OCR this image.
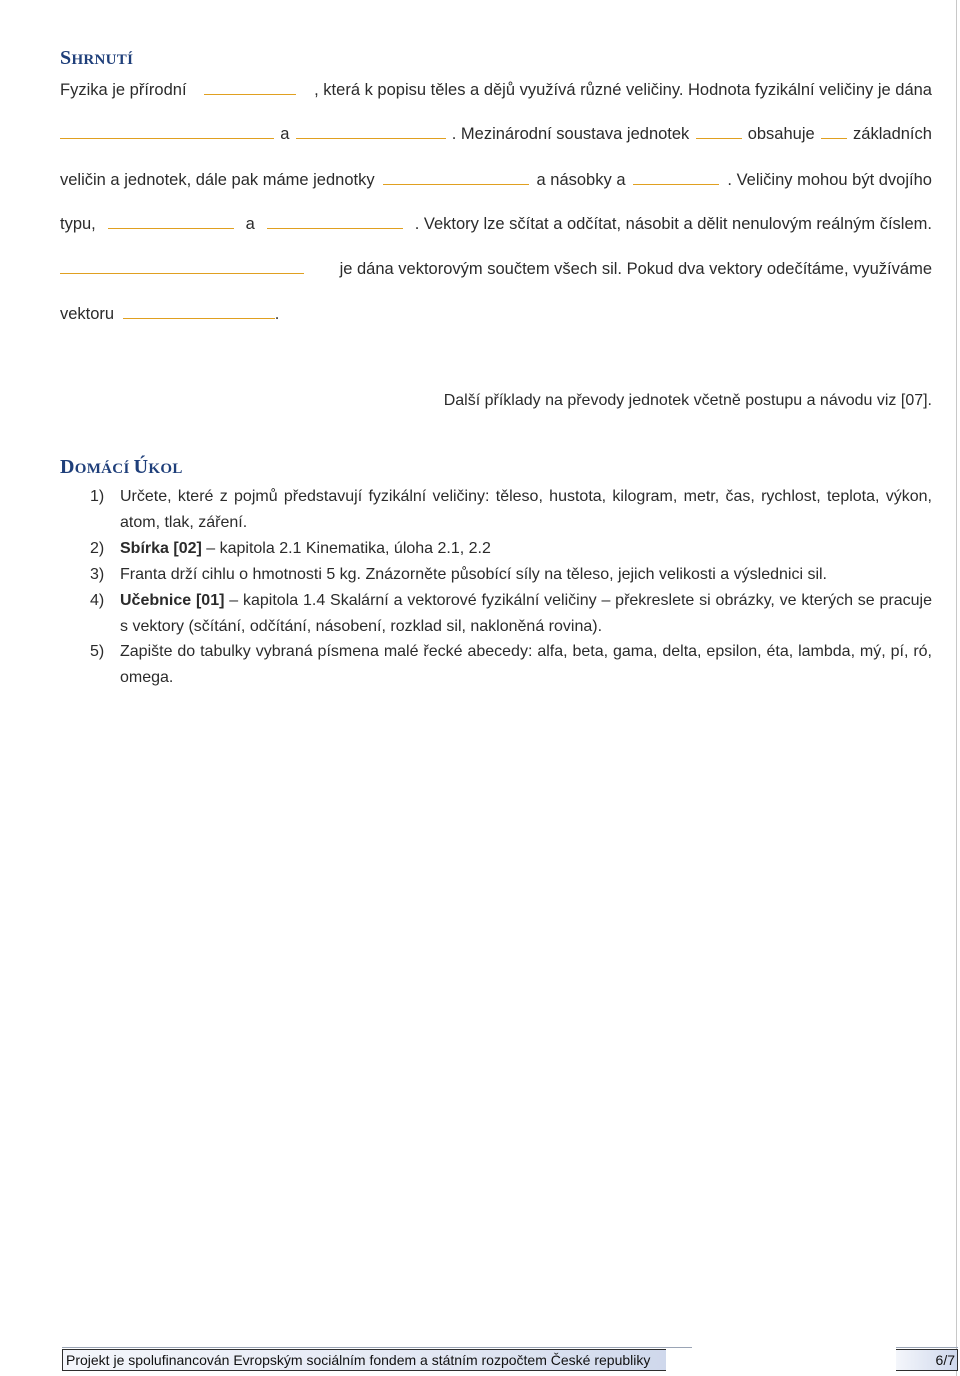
SHRNUTÍ
Fyzika je přírodní	, která k popisu těles a dějů využívá různé veličiny. Hodnota fyzikální veličiny je dána
a	. Mezinárodní soustava jednotek	obsahuje základních
veličin a jednotek, dále pak máme jednotky	a násobky a	. Veličiny mohou být dvojího
typu,	a	. Vektory lze sčítat a odčítat, násobit a dělit nenulovým reálným číslem.
je dána vektorovým součtem všech sil. Pokud dva vektory odečítáme, využíváme
vektoru	.
Další příklady na převody jednotek včetně postupu a návodu viz [07].
DOMÁCÍ ÚKOL
1) Určete, které z pojmů představují fyzikální veličiny: těleso, hustota, kilogram, metr, čas, rychlost, teplota, výkon, atom, tlak, záření.
2) Sbírka [02] – kapitola 2.1 Kinematika, úloha 2.1, 2.2
3) Franta drží cihlu o hmotnosti 5 kg. Znázorněte působící síly na těleso, jejich velikosti a výslednici sil.
4) Učebnice [01] – kapitola 1.4 Skalární a vektorové fyzikální veličiny – překreslete si obrázky, ve kterých se pracuje s vektory (sčítání, odčítání, násobení, rozklad sil, nakloněná rovina).
5) Zapište do tabulky vybraná písmena malé řecké abecedy: alfa, beta, gama, delta, epsilon, éta, lambda, mý, pí, ró, omega.
Projekt je spolufinancován Evropským sociálním fondem a státním rozpočtem České republiky	6/7
